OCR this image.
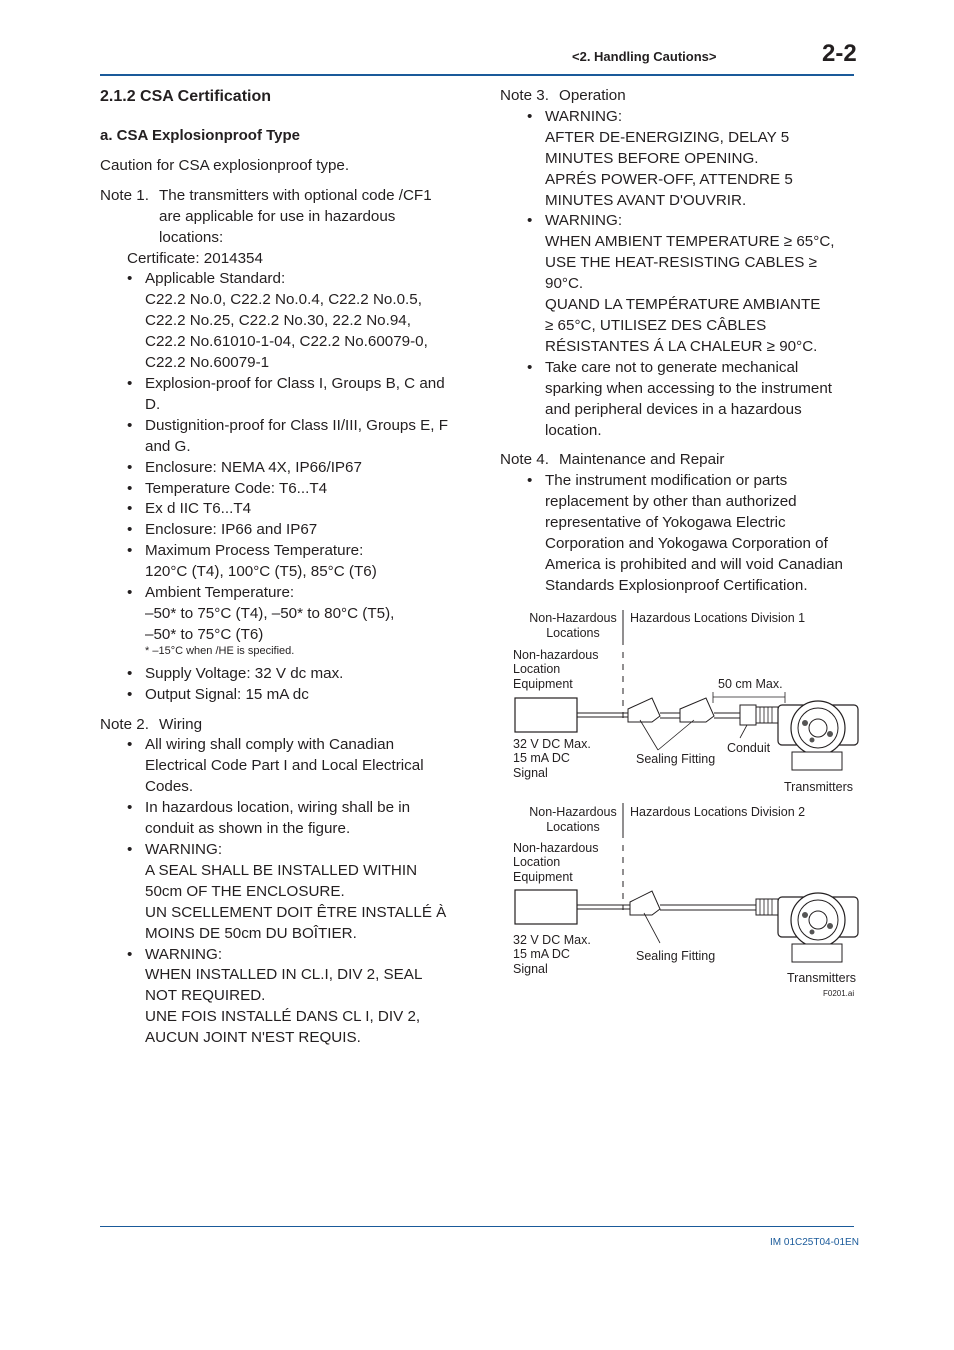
<2. Handling Cautions>	2-2

2.1.2 CSA Certification

a. CSA Explosionproof Type

Caution for CSA explosionproof type.

Note 1. The transmitters with optional code /CF1

are applicable for use in hazardous

locations:

Certificate: 2014354

• Applicable Standard:

C22.2 No.0, C22.2 No.0.4, C22.2 No.0.5,

C22.2 No.25, C22.2 No.30, 22.2 No.94,

C22.2 No.61010-1-04, C22.2 No.60079-0,

C22.2 No.60079-1

• Explosion-proof for Class I, Groups B, C and

D.

• Dustignition-proof for Class II/III, Groups E, F

and G.

• Enclosure: NEMA 4X, IP66/IP67

• Temperature Code: T6...T4

• Ex d IIC T6...T4

• Enclosure: IP66 and IP67

• Maximum Process Temperature:

120°C (T4), 100°C (T5), 85°C (T6)

• Ambient Temperature:

–50* to 75°C (T4), –50* to 80°C (T5),

–50* to 75°C (T6)

* –15°C when /HE is specified.

• Supply Voltage: 32 V dc max.

• Output Signal: 15 mA dc

Note 2. Wiring

• All wiring shall comply with Canadian

Electrical Code Part I and Local Electrical

Codes.

• In hazardous location, wiring shall be in

conduit as shown in the figure.

• WARNING:

A SEAL SHALL BE INSTALLED WITHIN

50cm OF THE ENCLOSURE.

UN SCELLEMENT DOIT ÊTRE INSTALLÉ À

MOINS DE 50cm DU BOÎTIER.

• WARNING:

WHEN INSTALLED IN CL.I, DIV 2, SEAL

NOT REQUIRED.

UNE FOIS INSTALLÉ DANS CL I, DIV 2,

AUCUN JOINT N'EST REQUIS.

Note 3. Operation

• WARNING:

AFTER DE-ENERGIZING, DELAY 5

MINUTES BEFORE OPENING.

APRÉS POWER-OFF, ATTENDRE 5

MINUTES AVANT D'OUVRIR.

• WARNING:

WHEN AMBIENT TEMPERATURE ≥ 65°C,

USE THE HEAT-RESISTING CABLES ≥

90°C.

QUAND LA TEMPÉRATURE AMBIANTE

≥ 65°C, UTILISEZ DES CÂBLES

RÉSISTANTES Á LA CHALEUR ≥ 90°C.

• Take care not to generate mechanical

sparking when accessing to the instrument

and peripheral devices in a hazardous

location.

Note 4. Maintenance and Repair

• The instrument modification or parts

replacement by other than authorized

representative of Yokogawa Electric

Corporation and Yokogawa Corporation of

America is prohibited and will void Canadian

Standards Explosionproof Certification.

Non-Hazardous
Locations
Hazardous Locations Division 1
Non-hazardous
Location
Equipment	50 cm Max.
32 V DC Max.
15 mA DC
Signal
Sealing Fitting
Conduit
Transmitters
Non-Hazardous
Locations
Hazardous Locations Division 2
Non-hazardous
Location
Equipment
32 V DC Max.
15 mA DC
Signal
Sealing Fitting
Transmitters
F0201.ai
IM 01C25T04-01EN
